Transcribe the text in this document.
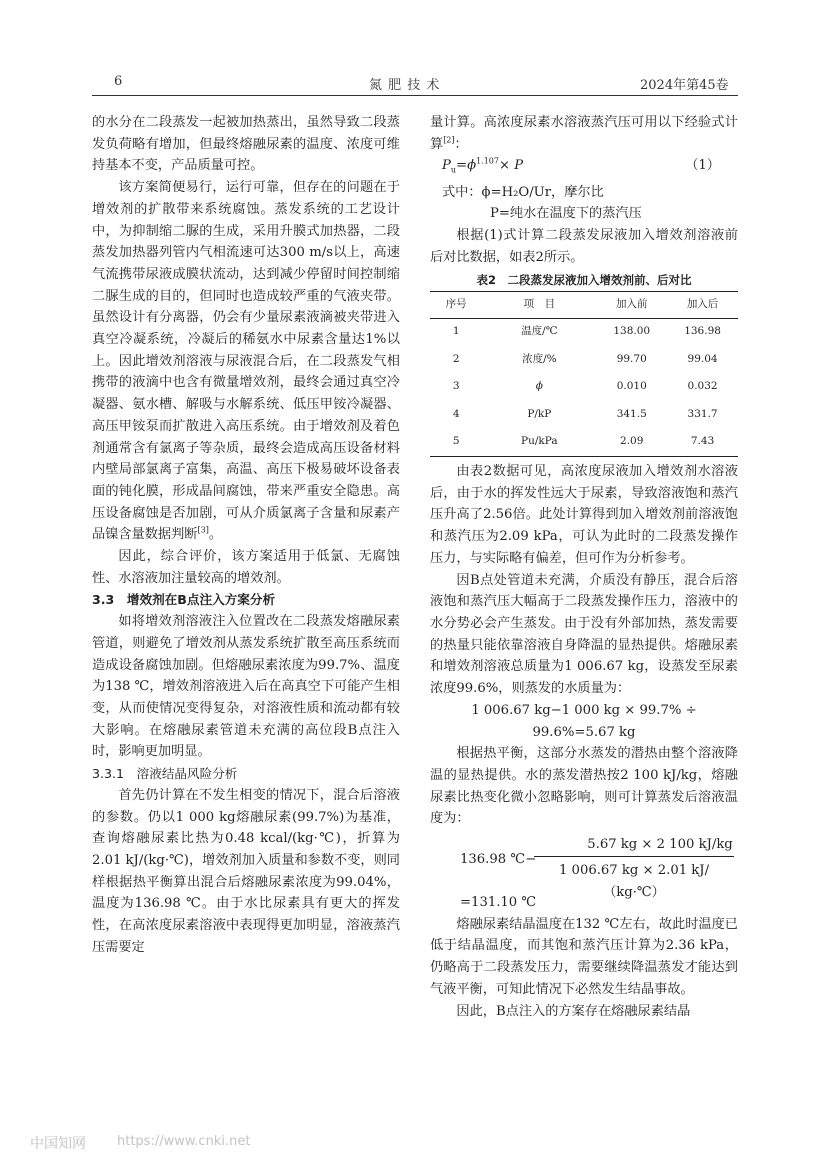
6	氮 肥 技 术	2024年第45卷

的水分在二段蒸发一起被加热蒸出，虽然导致二段蒸发负荷略有增加，但最终熔融尿素的温度、浓度可维持基本不变，产品质量可控。

该方案简便易行，运行可靠，但存在的问题在于增效剂的扩散带来系统腐蚀。蒸发系统的工艺设计中，为抑制缩二脲的生成，采用升膜式加热器，二段蒸发加热器列管内气相流速可达300 m/s以上，高速气流携带尿液成膜状流动，达到减少停留时间控制缩二脲生成的目的，但同时也造成较严重的气液夹带。虽然设计有分离器，仍会有少量尿素液滴被夹带进入真空冷凝系统，冷凝后的稀氨水中尿素含量达1%以上。因此增效剂溶液与尿液混合后，在二段蒸发气相携带的液滴中也含有微量增效剂，最终会通过真空冷凝器、氨水槽、解吸与水解系统、低压甲铵冷凝器、高压甲铵泵而扩散进入高压系统。由于增效剂及着色剂通常含有氯离子等杂质，最终会造成高压设备材料内壁局部氯离子富集，高温、高压下极易破坏设备表面的钝化膜，形成晶间腐蚀，带来严重安全隐患。高压设备腐蚀是否加剧，可从介质氯离子含量和尿素产品镍含量数据判断[3]。

因此，综合评价，该方案适用于低氯、无腐蚀性、水溶液加注量较高的增效剂。

3.3　增效剂在B点注入方案分析

如将增效剂溶液注入位置改在二段蒸发熔融尿素管道，则避免了增效剂从蒸发系统扩散至高压系统而造成设备腐蚀加剧。但熔融尿素浓度为99.7%、温度为138 ℃，增效剂溶液进入后在高真空下可能产生相变，从而使情况变得复杂，对溶液性质和流动都有较大影响。在熔融尿素管道未充满的高位段B点注入时，影响更加明显。

3.3.1　溶液结晶风险分析

首先仍计算在不发生相变的情况下，混合后溶液的参数。仍以1 000 kg熔融尿素(99.7%)为基准，查询熔融尿素比热为0.48 kcal/(kg·℃)，折算为2.01 kJ/(kg·℃)，增效剂加入质量和参数不变，则同样根据热平衡算出混合后熔融尿素浓度为99.04%，温度为136.98 ℃。由于水比尿素具有更大的挥发性，在高浓度尿素溶液中表现得更加明显，溶液蒸汽压需要定

量计算。高浓度尿素水溶液蒸汽压可用以下经验式计算[2]：

$P_u=\phi^{1.107}\times P$	（1）
式中：ϕ=H₂O/Ur，摩尔比
P=纯水在温度下的蒸汽压

根据(1)式计算二段蒸发尿液加入增效剂溶液前后对比数据，如表2所示。

表2　二段蒸发尿液加入增效剂前、后对比
序号	项　目	加入前	加入后
1	温度/℃	138.00	136.98
2	浓度/%	99.70	99.04
3	ϕ	0.010	0.032
4	P/kP	341.5	331.7
5	Pu/kPa	2.09	7.43

由表2数据可见，高浓度尿液加入增效剂水溶液后，由于水的挥发性远大于尿素，导致溶液饱和蒸汽压升高了2.56倍。此处计算得到加入增效剂前溶液饱和蒸汽压为2.09 kPa，可认为此时的二段蒸发操作压力，与实际略有偏差，但可作为分析参考。

因B点处管道未充满，介质没有静压，混合后溶液饱和蒸汽压大幅高于二段蒸发操作压力，溶液中的水分势必会产生蒸发。由于没有外部加热，蒸发需要的热量只能依靠溶液自身降温的显热提供。熔融尿素和增效剂溶液总质量为1 006.67 kg，设蒸发至尿素浓度99.6%，则蒸发的水质量为：

1 006.67 kg−1 000 kg × 99.7% ÷ 99.6%=5.67 kg

根据热平衡，这部分水蒸发的潜热由整个溶液降温的显热提供。水的蒸发潜热按2 100 kJ/kg，熔融尿素比热变化微小忽略影响，则可计算蒸发后溶液温度为：

136.98 ℃−
5.67 kg × 2 100 kJ/kg
1 006.67 kg × 2.01 kJ/（kg·℃）
=131.10 ℃

熔融尿素结晶温度在132 ℃左右，故此时温度已低于结晶温度，而其饱和蒸汽压计算为2.36 kPa，仍略高于二段蒸发压力，需要继续降温蒸发才能达到气液平衡，可知此情况下必然发生结晶事故。

因此，B点注入的方案存在熔融尿素结晶

中国知网 https://www.cnki.net
